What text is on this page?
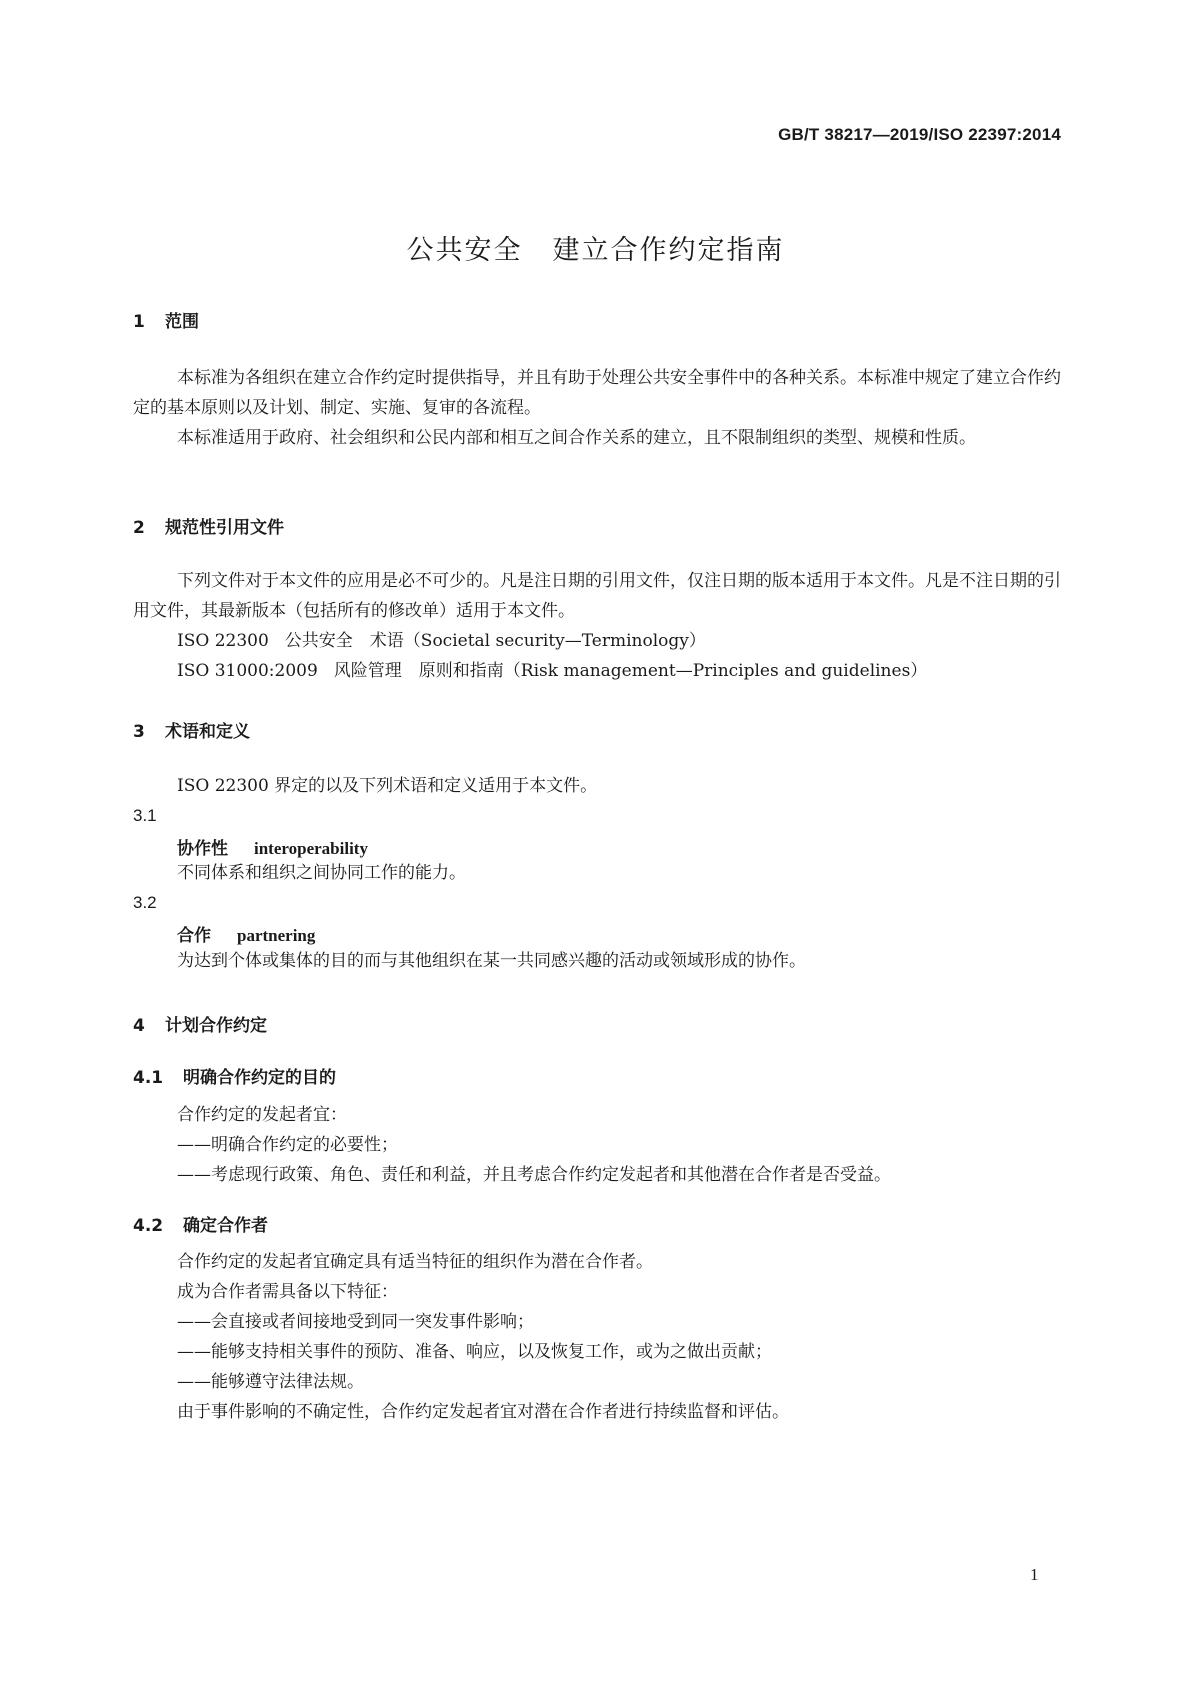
GB/T 38217—2019/ISO 22397:2014
公共安全 建立合作约定指南
1 范围
本标准为各组织在建立合作约定时提供指导，并且有助于处理公共安全事件中的各种关系。本标准中规定了建立合作约定的基本原则以及计划、制定、实施、复审的各流程。
本标准适用于政府、社会组织和公民内部和相互之间合作关系的建立，且不限制组织的类型、规模和性质。
2 规范性引用文件
下列文件对于本文件的应用是必不可少的。凡是注日期的引用文件，仅注日期的版本适用于本文件。凡是不注日期的引用文件，其最新版本（包括所有的修改单）适用于本文件。
ISO 22300 公共安全　术语（Societal security—Terminology）
ISO 31000:2009 风险管理　原则和指南（Risk management—Principles and guidelines）
3 术语和定义
ISO 22300 界定的以及下列术语和定义适用于本文件。
3.1
协作性 interoperability
不同体系和组织之间协同工作的能力。
3.2
合作 partnering
为达到个体或集体的目的而与其他组织在某一共同感兴趣的活动或领域形成的协作。
4 计划合作约定
4.1 明确合作约定的目的
合作约定的发起者宜：
——明确合作约定的必要性；
——考虑现行政策、角色、责任和利益，并且考虑合作约定发起者和其他潜在合作者是否受益。
4.2 确定合作者
合作约定的发起者宜确定具有适当特征的组织作为潜在合作者。
成为合作者需具备以下特征：
——会直接或者间接地受到同一突发事件影响；
——能够支持相关事件的预防、准备、响应，以及恢复工作，或为之做出贡献；
——能够遵守法律法规。
由于事件影响的不确定性，合作约定发起者宜对潜在合作者进行持续监督和评估。
1
